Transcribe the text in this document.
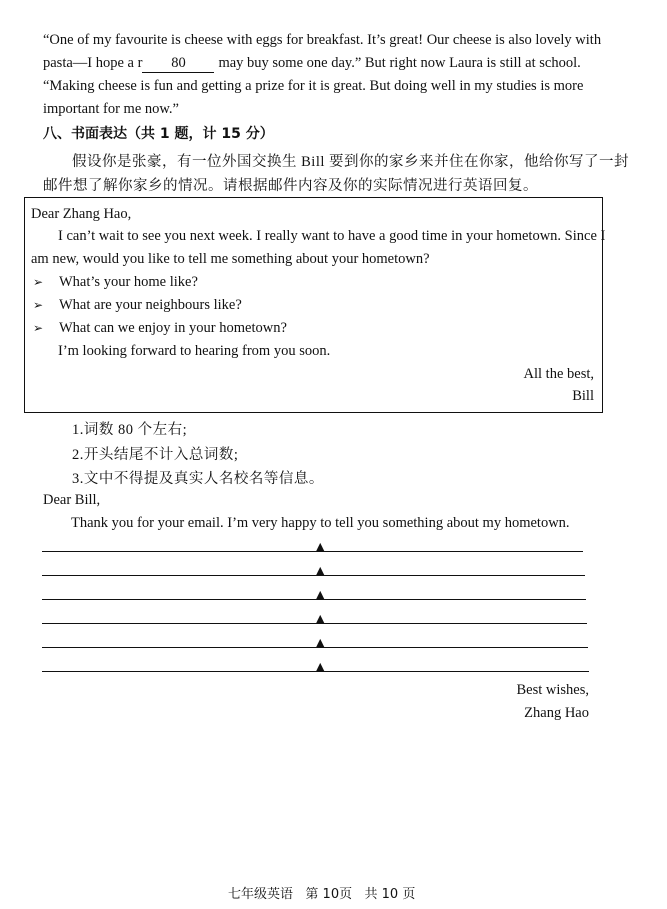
“One of my favourite is cheese with eggs for breakfast. It’s great! Our cheese is also lovely with
pasta—I hope a r 80 may buy some one day.” But right now Laura is still at school.
“Making cheese is fun and getting a prize for it is great. But doing well in my studies is more
important for me now.”
八、书面表达（共 1 题，计 15 分）
假设你是张豪，有一位外国交换生 Bill 要到你的家乡来并住在你家，他给你写了一封
邮件想了解你家乡的情况。请根据邮件内容及你的实际情况进行英语回复。
Dear Zhang Hao,
I can’t wait to see you next week. I really want to have a good time in your hometown. Since I
am new, would you like to tell me something about your hometown?
➢ What’s your home like?
➢ What are your neighbours like?
➢ What can we enjoy in your hometown?
I’m looking forward to hearing from you soon.
All the best,
Bill
1.词数 80 个左右;
2.开头结尾不计入总词数;
3.文中不得提及真实人名校名等信息。
Dear Bill,
Thank you for your email. I’m very happy to tell you something about my hometown.
▲
▲
▲
▲
▲
▲
Best wishes,
Zhang Hao
七年级英语 第 10页 共 10 页
